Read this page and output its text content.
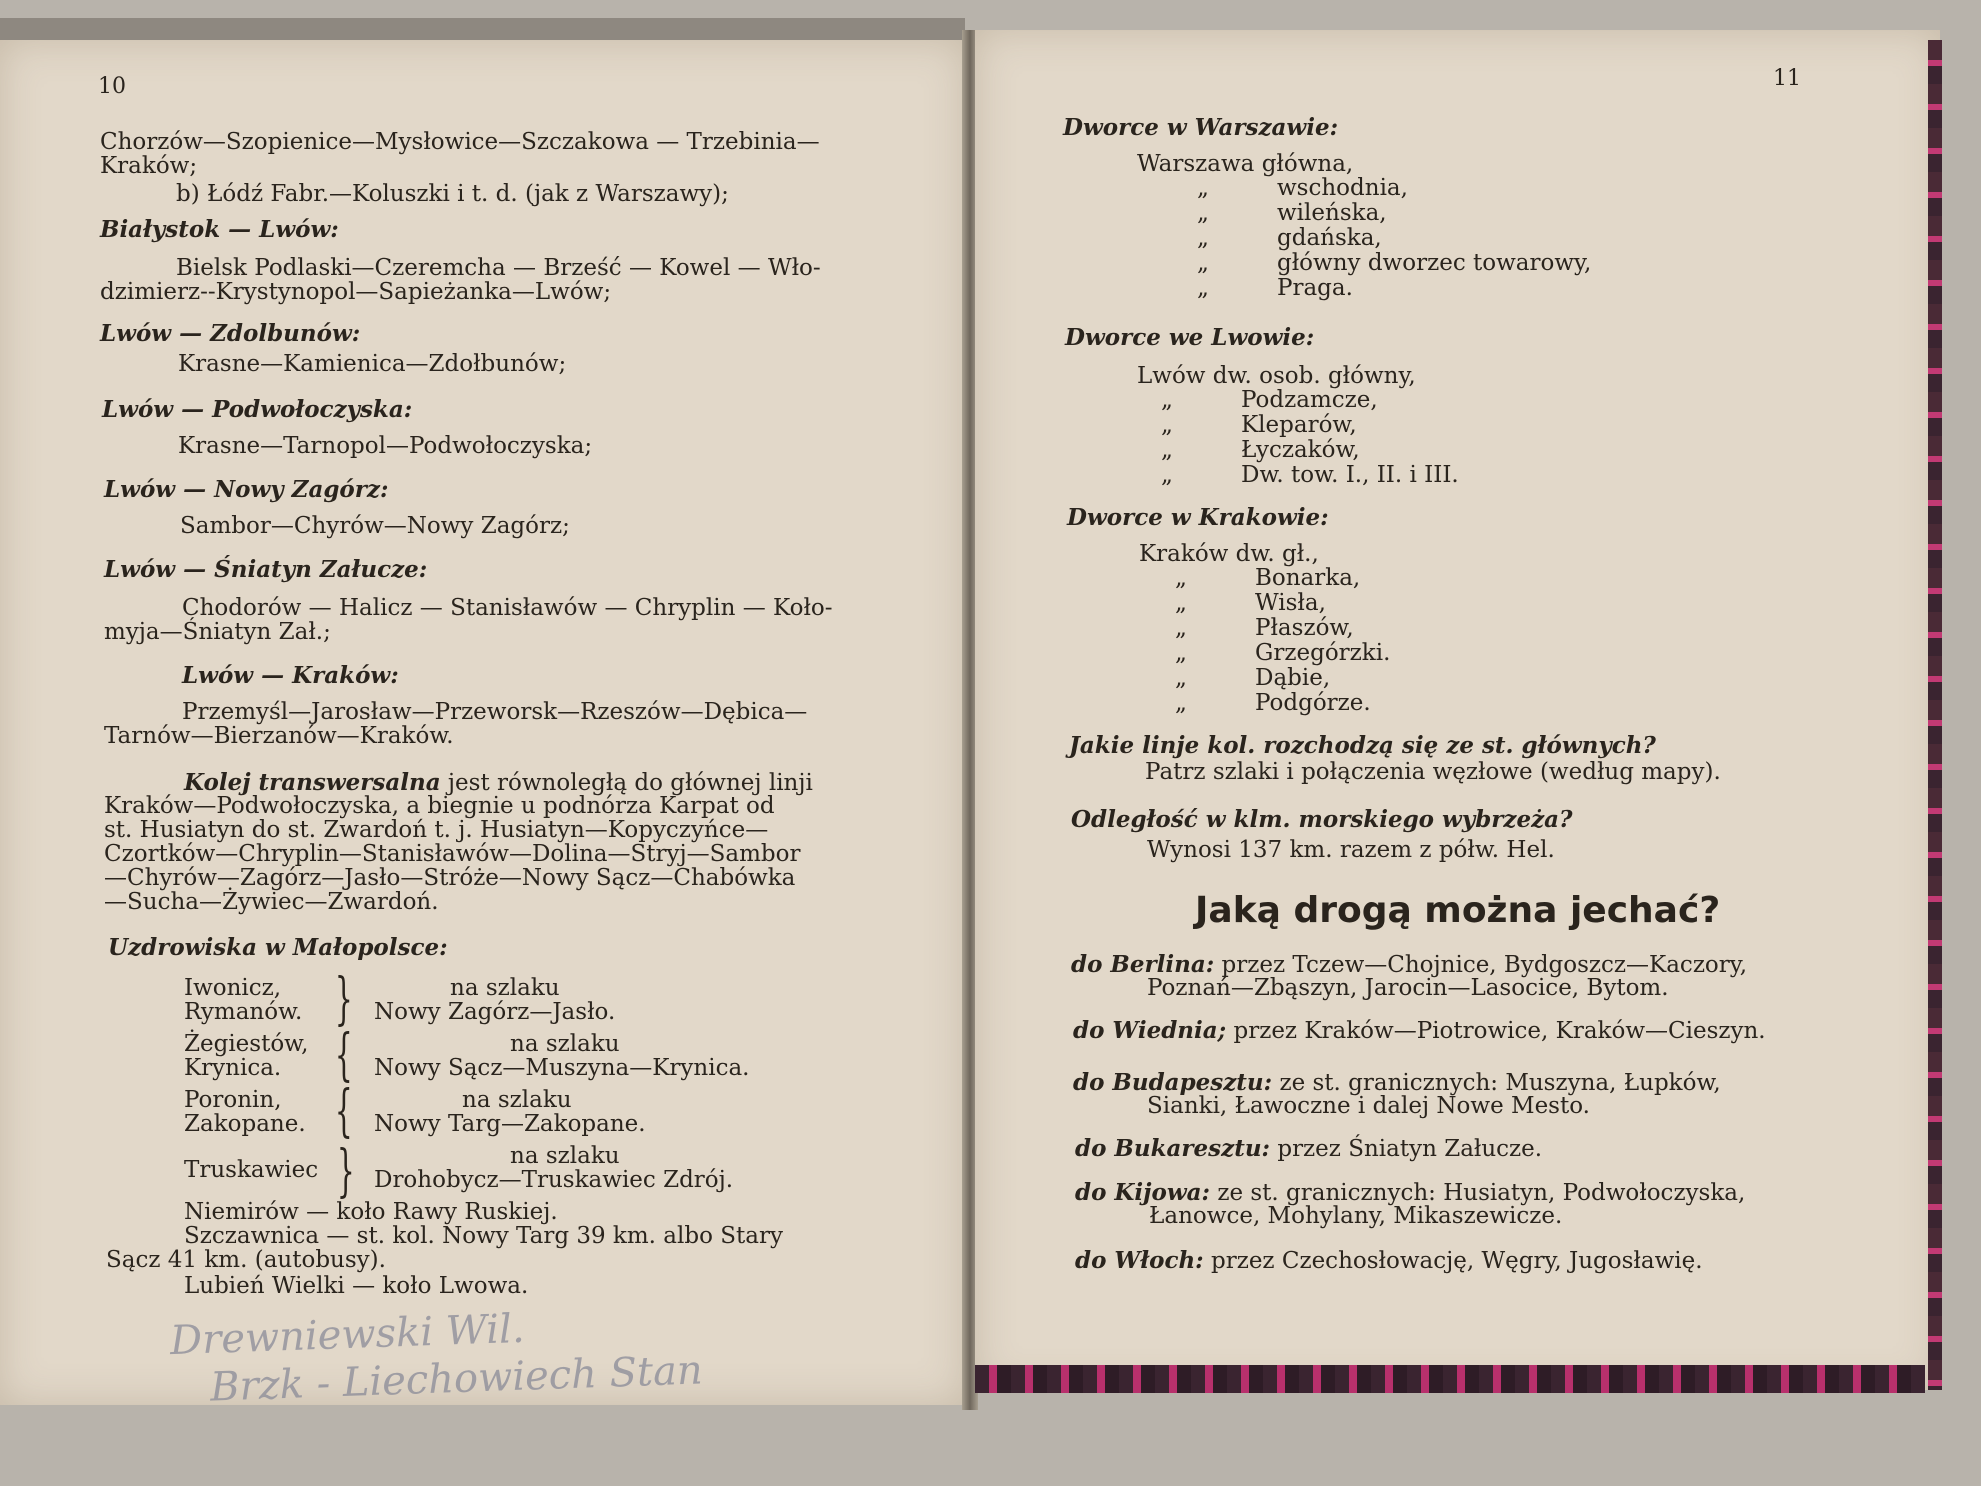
10
Chorzów—Szopienice—Mysłowice—Szczakowa — Trzebinia—
Kraków;
b) Łódź Fabr.—Koluszki i t. d. (jak z Warszawy);
Białystok — Lwów:
Bielsk Podlaski—Czeremcha — Brześć — Kowel — Wło-
dzimierz--Krystynopol—Sapieżanka—Lwów;
Lwów — Zdolbunów:
Krasne—Kamienica—Zdołbunów;
Lwów — Podwołoczyska:
Krasne—Tarnopol—Podwołoczyska;
Lwów — Nowy Zagórz:
Sambor—Chyrów—Nowy Zagórz;
Lwów — Śniatyn Załucze:
Chodorów — Halicz — Stanisławów — Chryplin — Koło-
myja—Śniatyn Zał.;
Lwów — Kraków:
Przemyśl—Jarosław—Przeworsk—Rzeszów—Dębica—
Tarnów—Bierzanów—Kraków.
Kolej transwersalna jest równoległą do głównej linji
Kraków—Podwołoczyska, a biegnie u podnórza Karpat od
st. Husiatyn do st. Zwardoń t. j. Husiatyn—Kopyczyńce—
Czortków—Chryplin—Stanisławów—Dolina—Stryj—Sambor
—Chyrów—Zagórz—Jasło—Stróże—Nowy Sącz—Chabówka
—Sucha—Żywiec—Zwardoń.
Uzdrowiska w Małopolsce:
Iwonicz,
Rymanów. }	na szlaku
Nowy Zagórz—Jasło.
Żegiestów,
Krynica. {	na szlaku
Nowy Sącz—Muszyna—Krynica.
Poronin,
Zakopane. {	na szlaku
Nowy Targ—Zakopane.
Truskawiec }	na szlaku
Drohobycz—Truskawiec Zdrój.
Niemirów — koło Rawy Ruskiej.
Szczawnica — st. kol. Nowy Targ 39 km. albo Stary
Sącz 41 km. (autobusy).
Lubień Wielki — koło Lwowa.
Drewniewski Wil.
Brzk - Liechowiech Stan
11
Dworce w Warszawie:
Warszawa główna,
„	wschodnia,
„	wileńska,
„	gdańska,
„	główny dworzec towarowy,
„	Praga.
Dworce we Lwowie:
Lwów dw. osob. główny,
„	Podzamcze,
„	Kleparów,
„	Łyczaków,
„	Dw. tow. I., II. i III.
Dworce w Krakowie:
Kraków dw. gł.,
„	Bonarka,
„	Wisła,
„	Płaszów,
„	Grzegórzki.
„	Dąbie,
„	Podgórze.
Jakie linje kol. rozchodzą się ze st. głównych?
Patrz szlaki i połączenia węzłowe (według mapy).
Odległość w klm. morskiego wybrzeża?
Wynosi 137 km. razem z półw. Hel.
Jaką drogą można jechać?
do Berlina: przez Tczew—Chojnice, Bydgoszcz—Kaczory,
Poznań—Zbąszyn, Jarocin—Lasocice, Bytom.
do Wiednia; przez Kraków—Piotrowice, Kraków—Cieszyn.
do Budapesztu: ze st. granicznych: Muszyna, Łupków,
Sianki, Ławoczne i dalej Nowe Mesto.
do Bukaresztu: przez Śniatyn Załucze.
do Kijowa: ze st. granicznych: Husiatyn, Podwołoczyska,
Łanowce, Mohylany, Mikaszewicze.
do Włoch: przez Czechosłowację, Węgry, Jugosławię.
